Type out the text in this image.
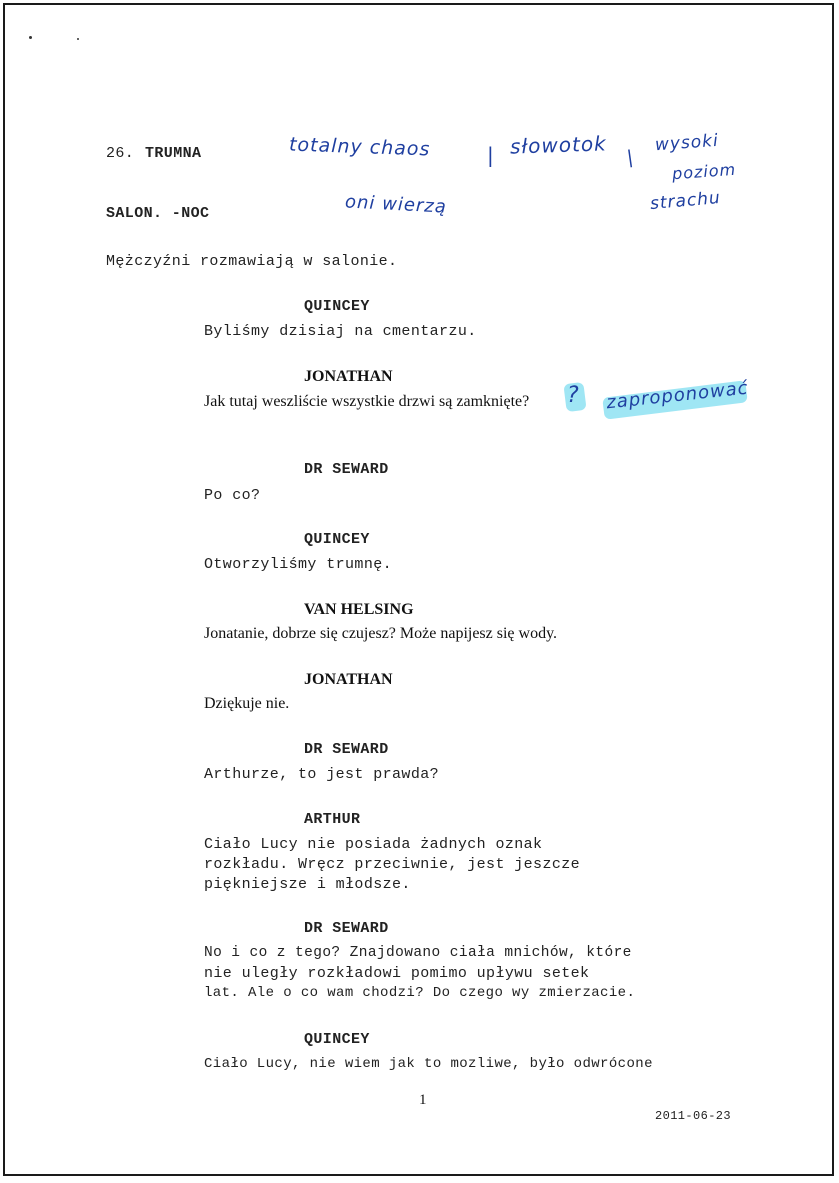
26. TRUMNA
SALON. -NOC
Mężczyźni rozmawiają w salonie.
totalny chaos	| słowotok |
wysoki
poziom
strachu
oni wierzą
? zaproponować
QUINCEY
Byliśmy dzisiaj na cmentarzu.
JONATHAN
Jak tutaj weszliście wszystkie drzwi są zamknięte?
DR SEWARD
Po co?
QUINCEY
Otworzyliśmy trumnę.
VAN HELSING
Jonatanie, dobrze się czujesz? Może napijesz się wody.
JONATHAN
Dziękuje nie.
DR SEWARD
Arthurze, to jest prawda?
ARTHUR
Ciało Lucy nie posiada żadnych oznak
rozkładu. Wręcz przeciwnie, jest jeszcze
piękniejsze i młodsze.
DR SEWARD
No i co z tego? Znajdowano ciała mnichów, które
nie uległy rozkładowi pomimo upływu setek
lat. Ale o co wam chodzi? Do czego wy zmierzacie.
QUINCEY
Ciało Lucy, nie wiem jak to mozliwe, było odwrócone
1
2011-06-23
